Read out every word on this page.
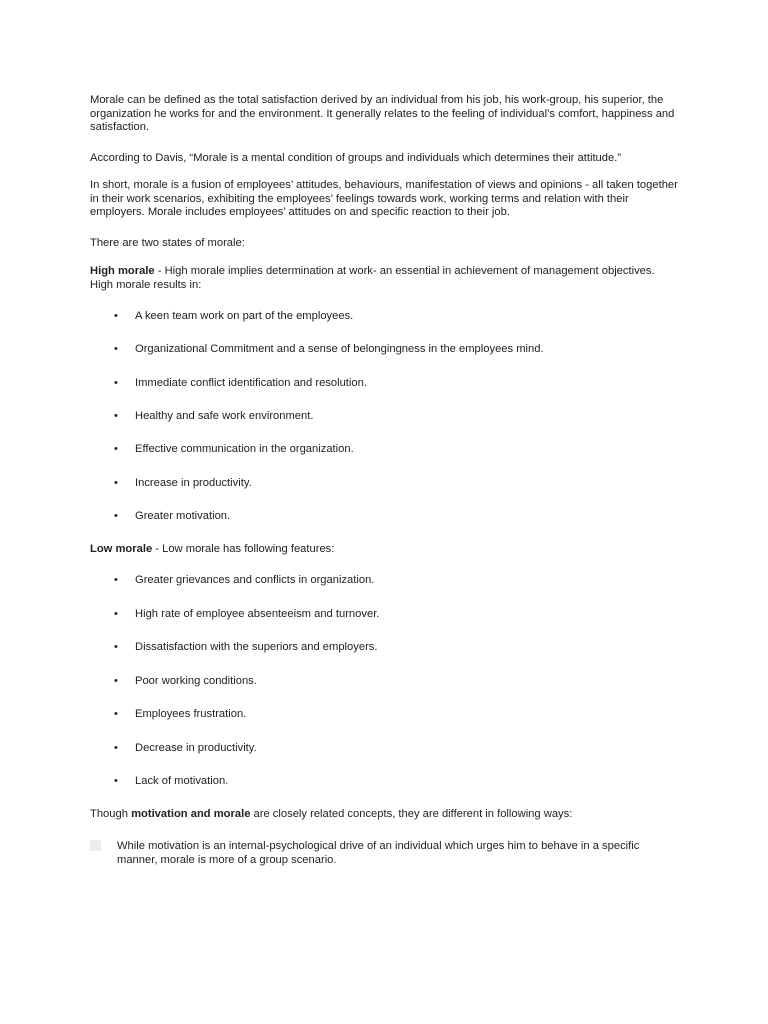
Morale can be defined as the total satisfaction derived by an individual from his job, his work-group, his superior, the organization he works for and the environment. It generally relates to the feeling of individual’s comfort, happiness and satisfaction.

According to Davis, “Morale is a mental condition of groups and individuals which determines their attitude.”

In short, morale is a fusion of employees’ attitudes, behaviours, manifestation of views and opinions - all taken together in their work scenarios, exhibiting the employees’ feelings towards work, working terms and relation with their employers. Morale includes employees’ attitudes on and specific reaction to their job.

There are two states of morale:

High morale - High morale implies determination at work- an essential in achievement of management objectives. High morale results in:

• A keen team work on part of the employees.
• Organizational Commitment and a sense of belongingness in the employees mind.
• Immediate conflict identification and resolution.
• Healthy and safe work environment.
• Effective communication in the organization.
• Increase in productivity.
• Greater motivation.

Low morale - Low morale has following features:

• Greater grievances and conflicts in organization.
• High rate of employee absenteeism and turnover.
• Dissatisfaction with the superiors and employers.
• Poor working conditions.
• Employees frustration.
• Decrease in productivity.
• Lack of motivation.

Though motivation and morale are closely related concepts, they are different in following ways:

While motivation is an internal-psychological drive of an individual which urges him to behave in a specific manner, morale is more of a group scenario.
